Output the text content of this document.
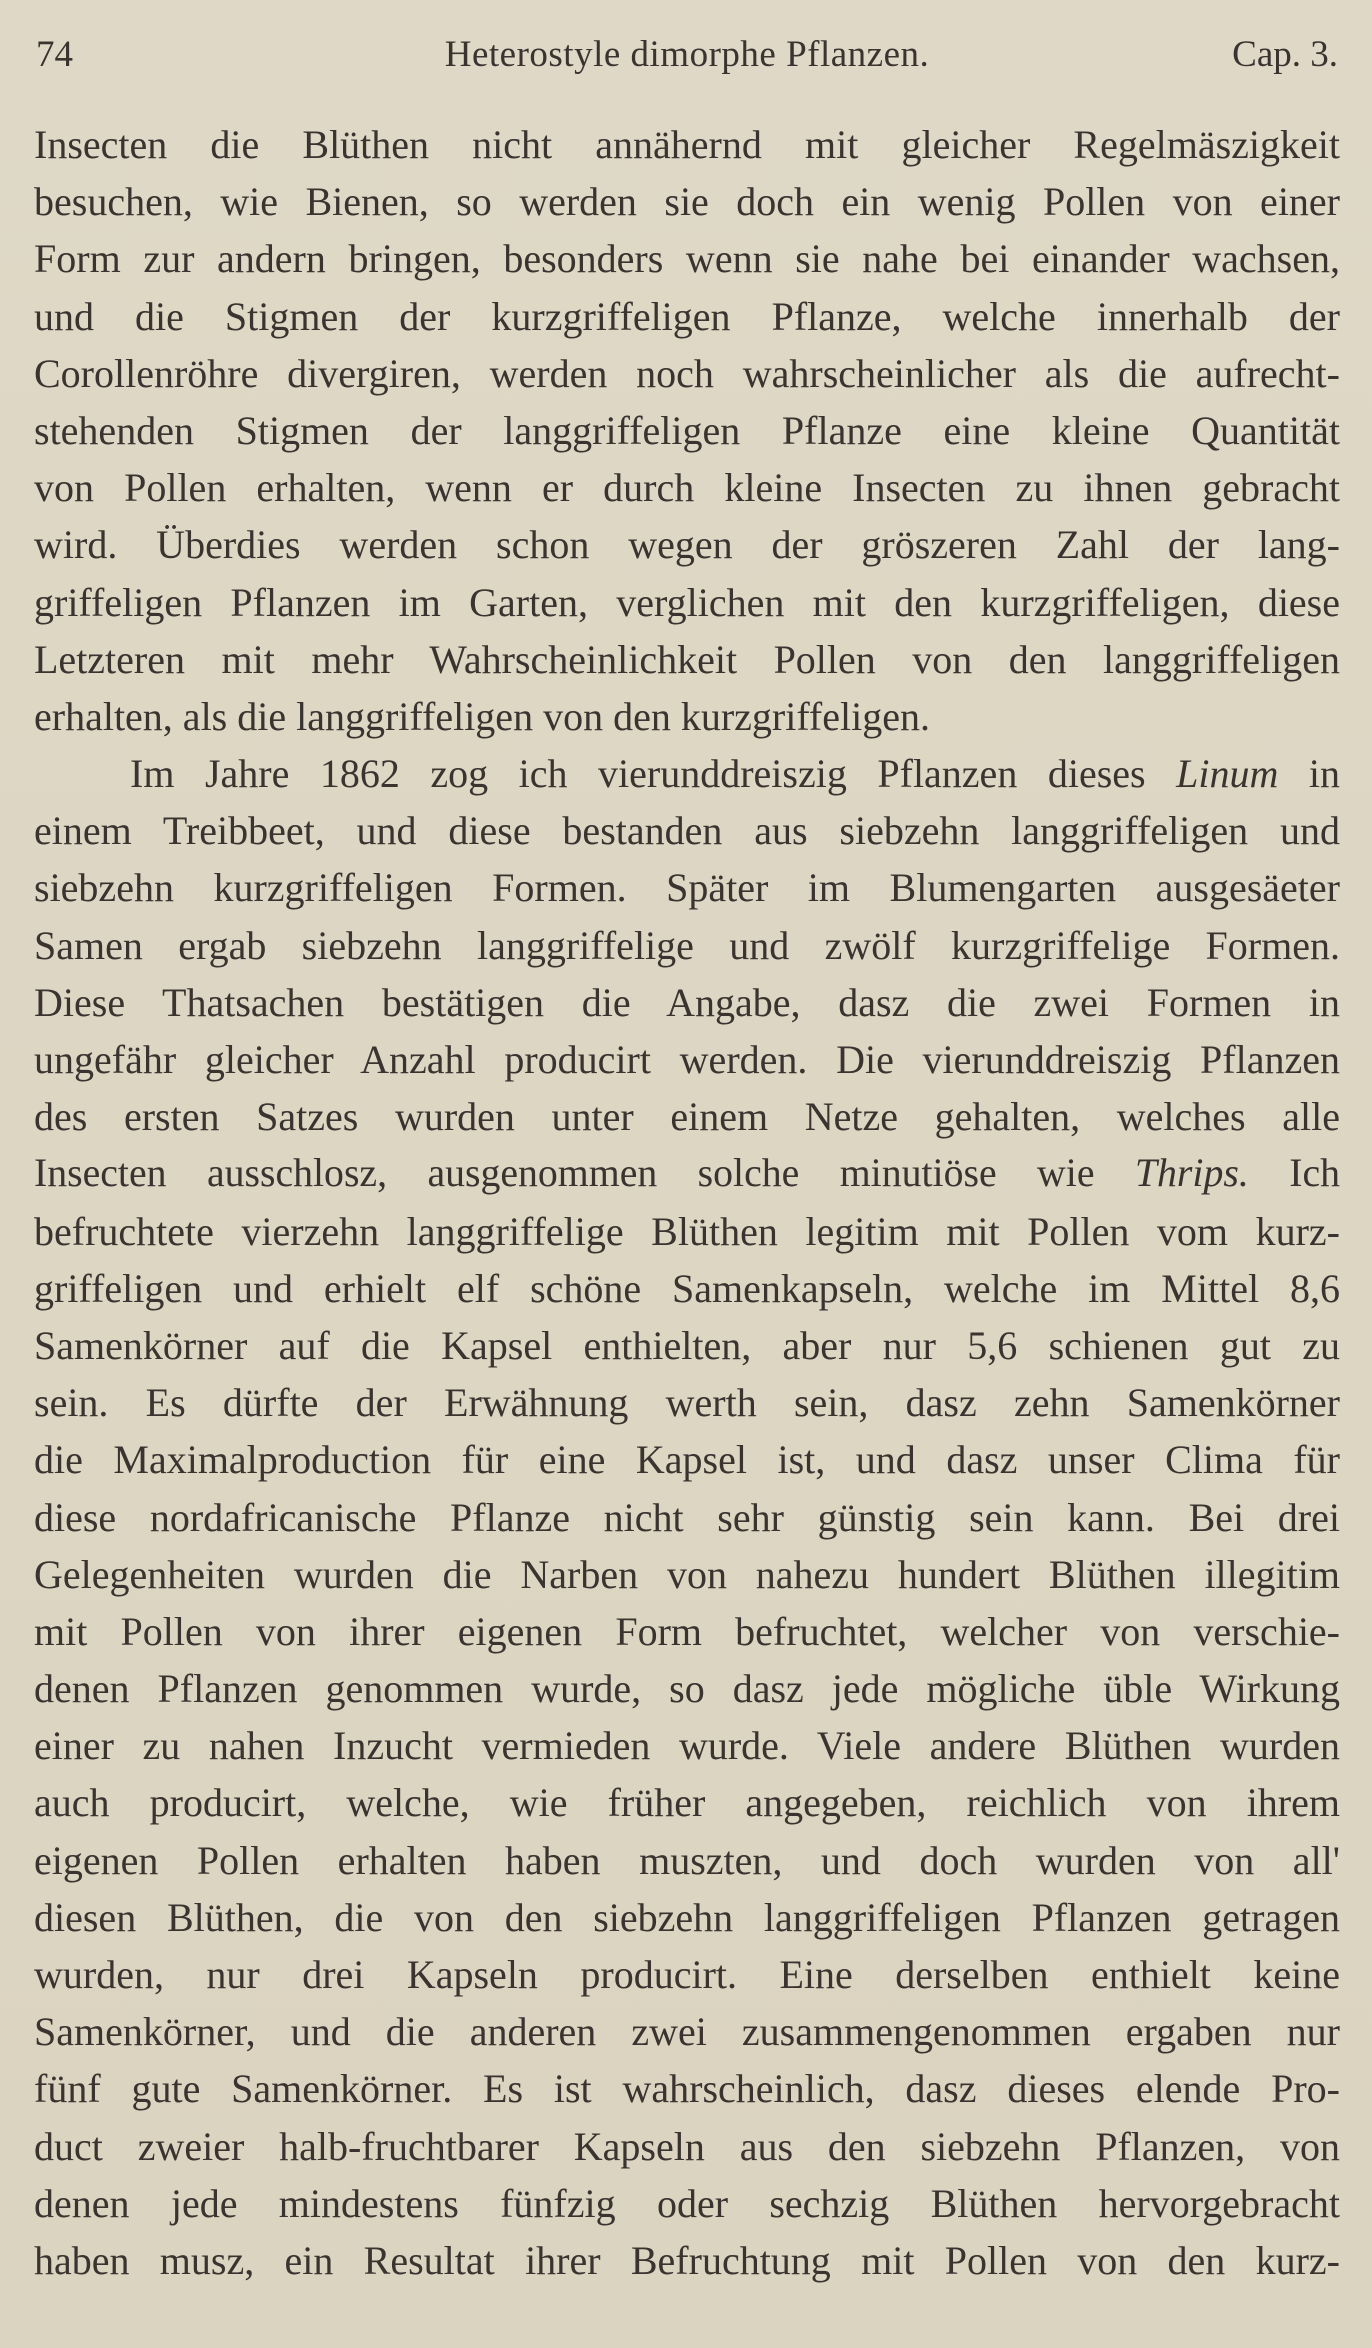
74	Heterostyle dimorphe Pflanzen.	Cap. 3.
Insecten die Blüthen nicht annähernd mit gleicher Regelmäszigkeit
besuchen, wie Bienen, so werden sie doch ein wenig Pollen von einer
Form zur andern bringen, besonders wenn sie nahe bei einander wachsen,
und die Stigmen der kurzgriffeligen Pflanze, welche innerhalb der
Corollenröhre divergiren, werden noch wahrscheinlicher als die aufrecht-
stehenden Stigmen der langgriffeligen Pflanze eine kleine Quantität
von Pollen erhalten, wenn er durch kleine Insecten zu ihnen gebracht
wird. Überdies werden schon wegen der gröszeren Zahl der lang-
griffeligen Pflanzen im Garten, verglichen mit den kurzgriffeligen, diese
Letzteren mit mehr Wahrscheinlichkeit Pollen von den langgriffeligen
erhalten, als die langgriffeligen von den kurzgriffeligen.
Im Jahre 1862 zog ich vierunddreiszig Pflanzen dieses Linum in
einem Treibbeet, und diese bestanden aus siebzehn langgriffeligen und
siebzehn kurzgriffeligen Formen. Später im Blumengarten ausgesäeter
Samen ergab siebzehn langgriffelige und zwölf kurzgriffelige Formen.
Diese Thatsachen bestätigen die Angabe, dasz die zwei Formen in
ungefähr gleicher Anzahl producirt werden. Die vierunddreiszig Pflanzen
des ersten Satzes wurden unter einem Netze gehalten, welches alle
Insecten ausschlosz, ausgenommen solche minutiöse wie Thrips. Ich
befruchtete vierzehn langgriffelige Blüthen legitim mit Pollen vom kurz-
griffeligen und erhielt elf schöne Samenkapseln, welche im Mittel 8,6
Samenkörner auf die Kapsel enthielten, aber nur 5,6 schienen gut zu
sein. Es dürfte der Erwähnung werth sein, dasz zehn Samenkörner
die Maximalproduction für eine Kapsel ist, und dasz unser Clima für
diese nordafricanische Pflanze nicht sehr günstig sein kann. Bei drei
Gelegenheiten wurden die Narben von nahezu hundert Blüthen illegitim
mit Pollen von ihrer eigenen Form befruchtet, welcher von verschie-
denen Pflanzen genommen wurde, so dasz jede mögliche üble Wirkung
einer zu nahen Inzucht vermieden wurde. Viele andere Blüthen wurden
auch producirt, welche, wie früher angegeben, reichlich von ihrem
eigenen Pollen erhalten haben muszten, und doch wurden von all'
diesen Blüthen, die von den siebzehn langgriffeligen Pflanzen getragen
wurden, nur drei Kapseln producirt. Eine derselben enthielt keine
Samenkörner, und die anderen zwei zusammengenommen ergaben nur
fünf gute Samenkörner. Es ist wahrscheinlich, dasz dieses elende Pro-
duct zweier halb-fruchtbarer Kapseln aus den siebzehn Pflanzen, von
denen jede mindestens fünfzig oder sechzig Blüthen hervorgebracht
haben musz, ein Resultat ihrer Befruchtung mit Pollen von den kurz-
